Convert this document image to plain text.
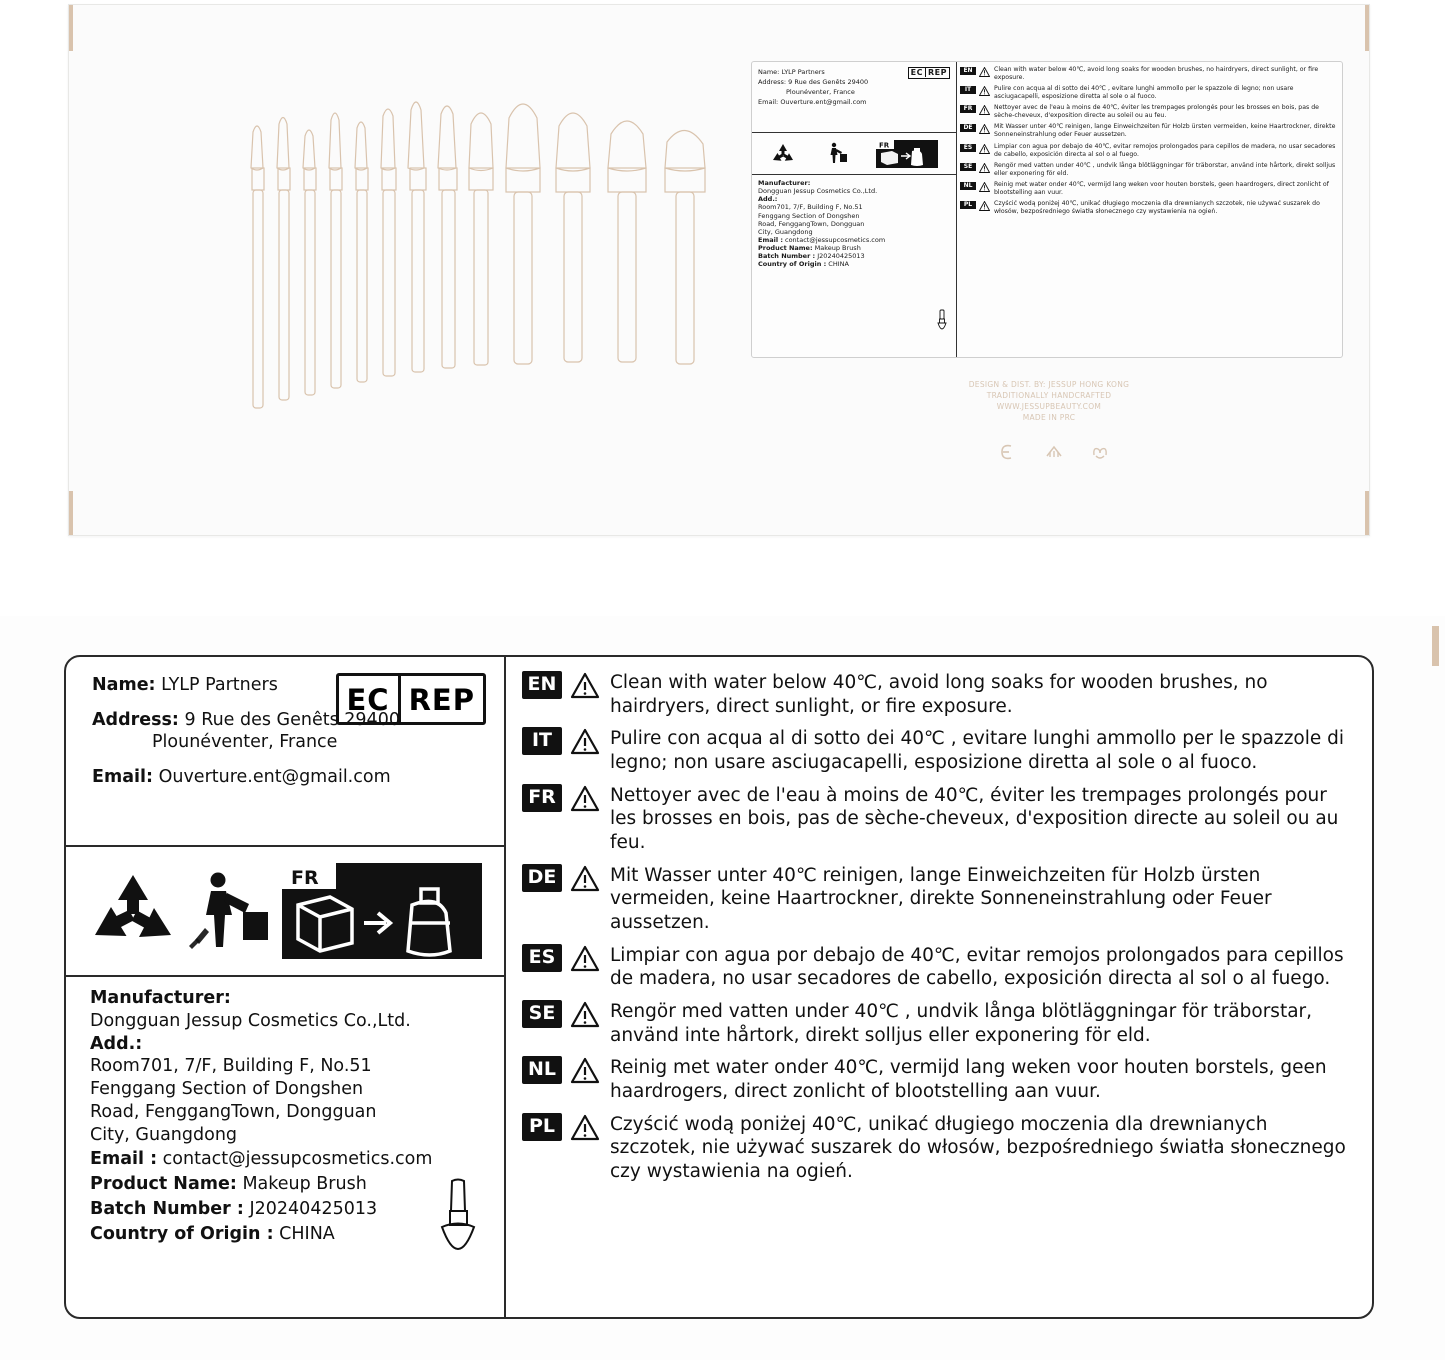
EC REP
Name: LYLP Partners
Address: 9 Rue des Genêts 29400
Plounéventer, France
Email: Ouverture.ent@gmail.com
FR
Manufacturer:
Dongguan Jessup Cosmetics Co.,Ltd.
Add.:
Room701, 7/F, Building F, No.51
Fenggang Section of Dongshen
Road, FenggangTown, Dongguan
City, Guangdong
Email : contact@jessupcosmetics.com
Product Name: Makeup Brush
Batch Number : J20240425013
Country of Origin : CHINA
EN	Clean with water below 40℃, avoid long soaks for wooden brushes, no hairdryers, direct sunlight, or fire exposure.
IT	Pulire con acqua al di sotto dei 40℃ , evitare lunghi ammollo per le spazzole di legno; non usare asciugacapelli, esposizione diretta al sole o al fuoco.
FR	Nettoyer avec de l'eau à moins de 40℃, éviter les trempages prolongés pour les brosses en bois, pas de sèche-cheveux, d'exposition directe au soleil ou au feu.
DE	Mit Wasser unter 40℃ reinigen, lange Einweichzeiten für Holzb ürsten vermeiden, keine Haartrockner, direkte Sonneneinstrahlung oder Feuer aussetzen.
ES	Limpiar con agua por debajo de 40℃, evitar remojos prolongados para cepillos de madera, no usar secadores de cabello, exposición directa al sol o al fuego.
SE	Rengör med vatten under 40℃ , undvik långa blötläggningar för träborstar, använd inte hårtork, direkt solljus eller exponering för eld.
NL	Reinig met water onder 40℃, vermijd lang weken voor houten borstels, geen haardrogers, direct zonlicht of blootstelling aan vuur.
PL	Czyścić wodą poniżej 40℃, unikać długiego moczenia dla drewnianych szczotek, nie używać suszarek do włosów, bezpośredniego światła słonecznego czy wystawienia na ogień.
DESIGN & DIST. BY: JESSUP HONG KONG
TRADITIONALLY HANDCRAFTED
WWW.JESSUPBEAUTY.COM
MADE IN PRC
EC REP
Name: LYLP Partners
Address: 9 Rue des Genêts 29400
Plounéventer, France
Email: Ouverture.ent@gmail.com
FR
Manufacturer:
Dongguan Jessup Cosmetics Co.,Ltd.
Add.:
Room701, 7/F, Building F, No.51
Fenggang Section of Dongshen
Road, FenggangTown, Dongguan
City, Guangdong
Email : contact@jessupcosmetics.com
Product Name: Makeup Brush
Batch Number : J20240425013
Country of Origin : CHINA
EN	Clean with water below 40℃, avoid long soaks for wooden brushes, no hairdryers, direct sunlight, or fire exposure.
IT	Pulire con acqua al di sotto dei 40℃ , evitare lunghi ammollo per le spazzole di legno; non usare asciugacapelli, esposizione diretta al sole o al fuoco.
FR	Nettoyer avec de l'eau à moins de 40℃, éviter les trempages prolongés pour les brosses en bois, pas de sèche-cheveux, d'exposition directe au soleil ou au feu.
DE	Mit Wasser unter 40℃ reinigen, lange Einweichzeiten für Holzb ürsten vermeiden, keine Haartrockner, direkte Sonneneinstrahlung oder Feuer aussetzen.
ES	Limpiar con agua por debajo de 40℃, evitar remojos prolongados para cepillos de madera, no usar secadores de cabello, exposición directa al sol o al fuego.
SE	Rengör med vatten under 40℃ , undvik långa blötläggningar för träborstar, använd inte hårtork, direkt solljus eller exponering för eld.
NL	Reinig met water onder 40℃, vermijd lang weken voor houten borstels, geen haardrogers, direct zonlicht of blootstelling aan vuur.
PL	Czyścić wodą poniżej 40℃, unikać długiego moczenia dla drewnianych szczotek, nie używać suszarek do włosów, bezpośredniego światła słonecznego czy wystawienia na ogień.
